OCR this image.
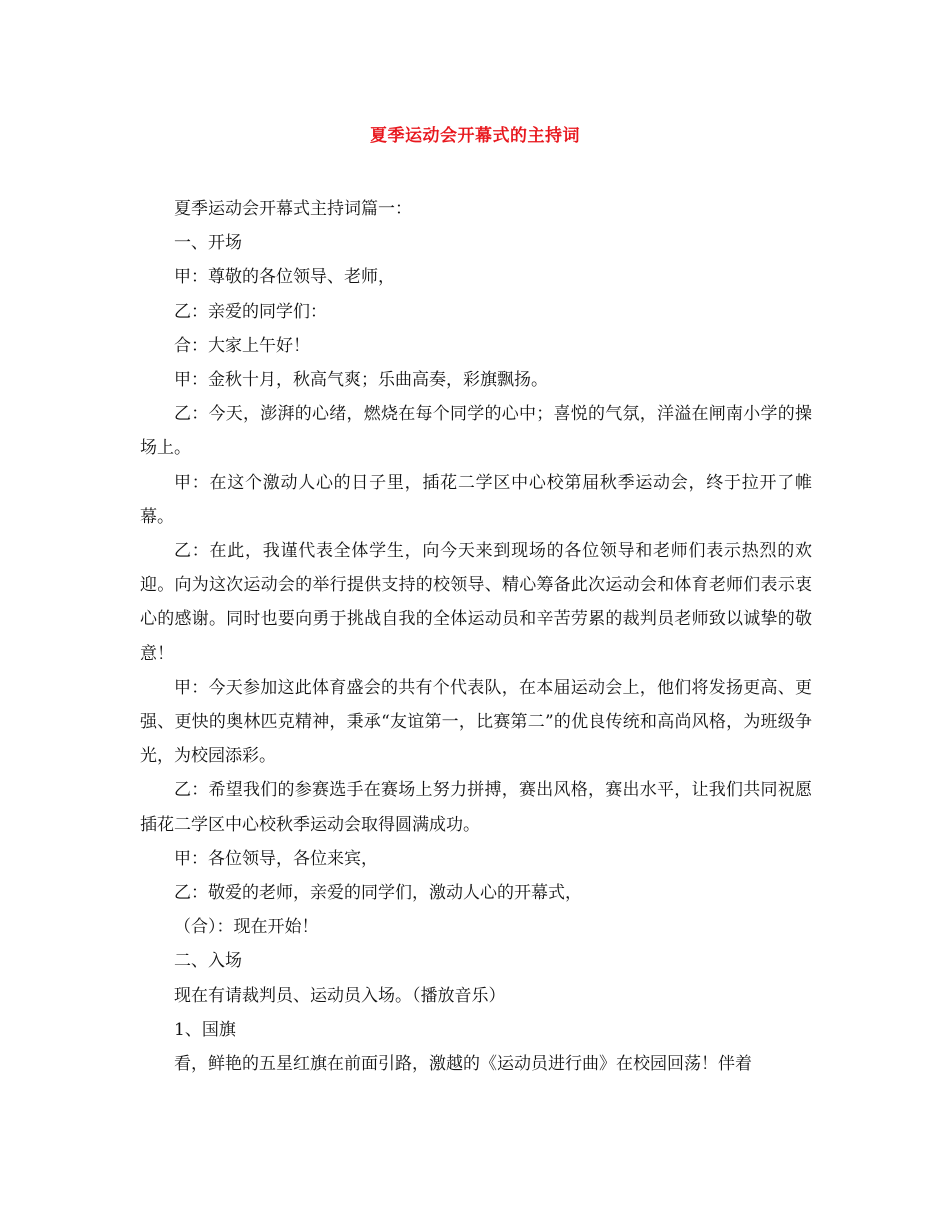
夏季运动会开幕式的主持词

夏季运动会开幕式主持词篇一：

一、开场

甲：尊敬的各位领导、老师，

乙：亲爱的同学们：

合：大家上午好！

甲：金秋十月，秋高气爽；乐曲高奏，彩旗飘扬。

乙：今天，澎湃的心绪，燃烧在每个同学的心中；喜悦的气氛，洋溢在闸南小学的操场上。

甲：在这个激动人心的日子里，插花二学区中心校第届秋季运动会，终于拉开了帷幕。

乙：在此，我谨代表全体学生，向今天来到现场的各位领导和老师们表示热烈的欢迎。向为这次运动会的举行提供支持的校领导、精心筹备此次运动会和体育老师们表示衷心的感谢。同时也要向勇于挑战自我的全体运动员和辛苦劳累的裁判员老师致以诚挚的敬意！

甲：今天参加这此体育盛会的共有个代表队，在本届运动会上，他们将发扬更高、更强、更快的奥林匹克精神，秉承“友谊第一，比赛第二”的优良传统和高尚风格，为班级争光，为校园添彩。

乙：希望我们的参赛选手在赛场上努力拼搏，赛出风格，赛出水平，让我们共同祝愿插花二学区中心校秋季运动会取得圆满成功。

甲：各位领导，各位来宾，

乙：敬爱的老师，亲爱的同学们，激动人心的开幕式，

（合）：现在开始！

二、入场

现在有请裁判员、运动员入场。（播放音乐）

1、国旗

看，鲜艳的五星红旗在前面引路，激越的《运动员进行曲》在校园回荡！伴着
